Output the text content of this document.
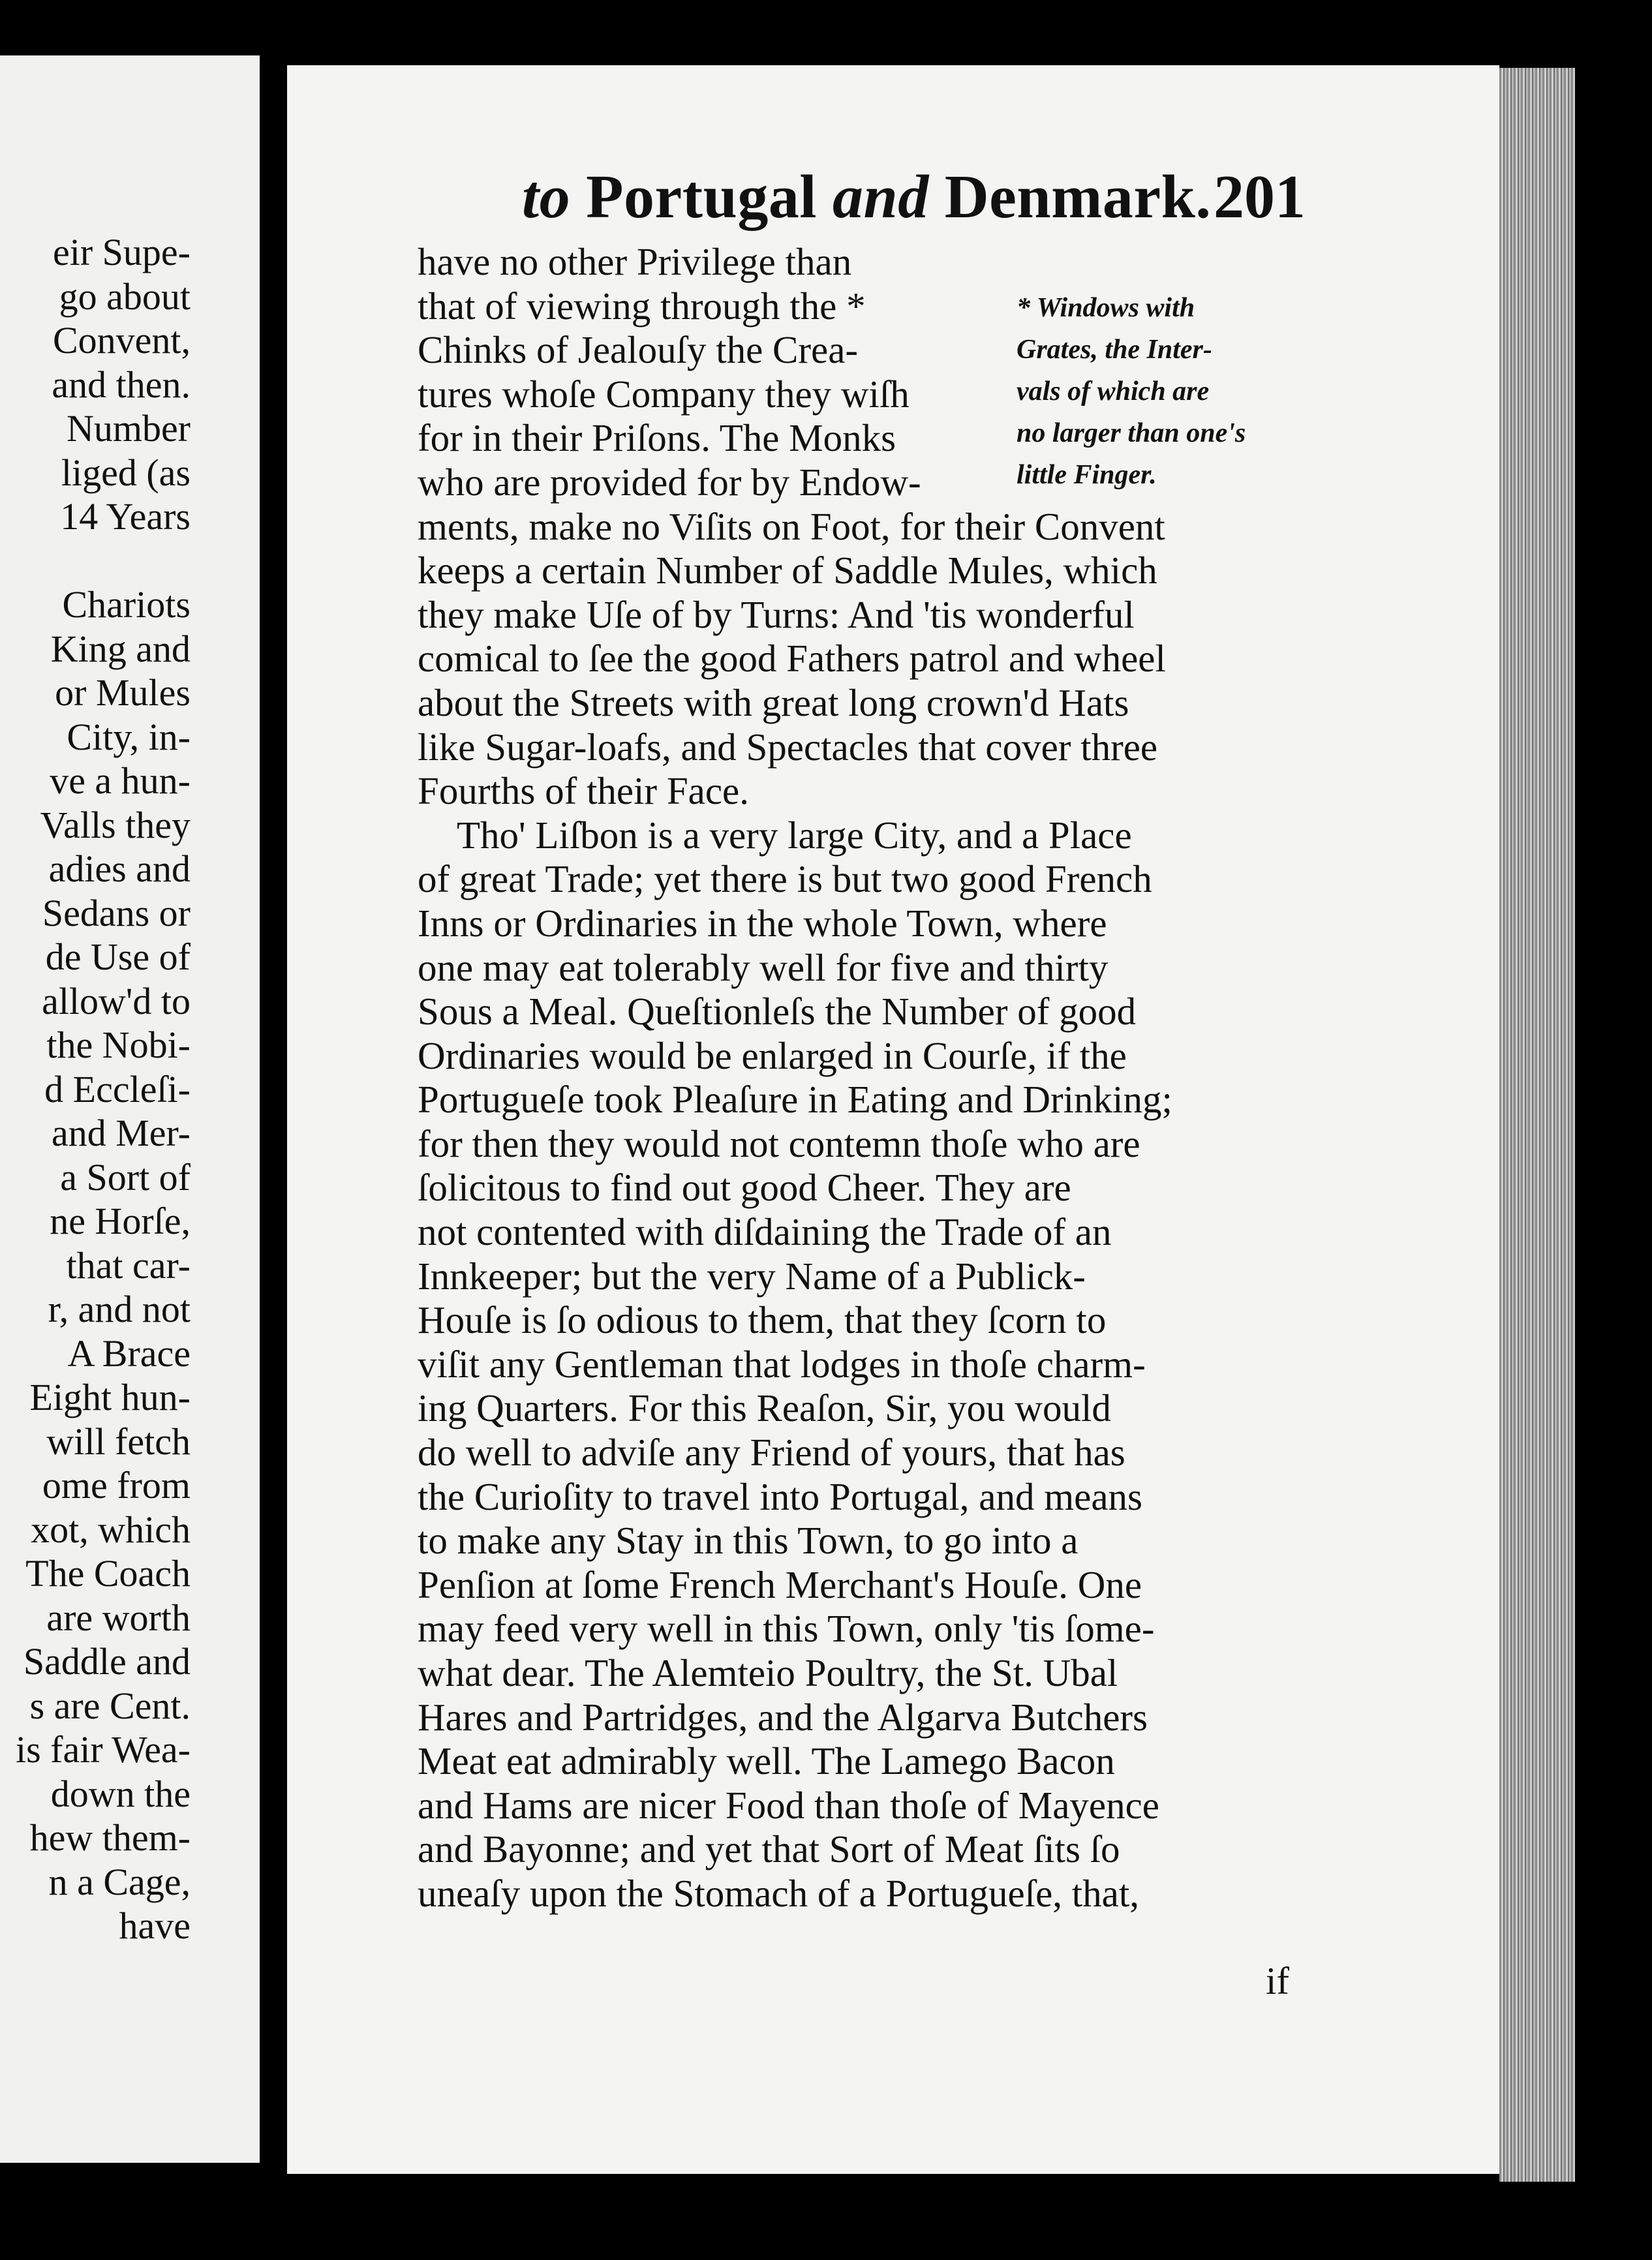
eir Supe-
go about
Convent,
and then.
Number
liged (as
14 Years
Chariots
King and
or Mules
City, in-
ve a hun-
Valls they
adies and
Sedans or
de Use of
allow'd to
the Nobi-
d Eccleſi-
and Mer-
a Sort of
ne Horſe,
that car-
r, and not
A Brace
Eight hun-
will fetch
ome from
xot, which
The Coach
are worth
Saddle and
s are Cent.
is fair Wea-
down the
hew them-
n a Cage,
have
to Portugal and Denmark. 201
have no other Privilege than
that of viewing through the *
Chinks of Jealouſy the Crea-
tures whoſe Company they wiſh
for in their Priſons. The Monks
who are provided for by Endow-
ments, make no Viſits on Foot, for their Convent
keeps a certain Number of Saddle Mules, which
they make Uſe of by Turns: And 'tis wonderful
comical to ſee the good Fathers patrol and wheel
about the Streets with great long crown'd Hats
like Sugar-loafs, and Spectacles that cover three
Fourths of their Face.
Tho' Liſbon is a very large City, and a Place
of great Trade; yet there is but two good French
Inns or Ordinaries in the whole Town, where
one may eat tolerably well for five and thirty
Sous a Meal. Queſtionleſs the Number of good
Ordinaries would be enlarged in Courſe, if the
Portugueſe took Pleaſure in Eating and Drinking;
for then they would not contemn thoſe who are
ſolicitous to find out good Cheer. They are
not contented with diſdaining the Trade of an
Innkeeper; but the very Name of a Publick-
Houſe is ſo odious to them, that they ſcorn to
viſit any Gentleman that lodges in thoſe charm-
ing Quarters. For this Reaſon, Sir, you would
do well to adviſe any Friend of yours, that has
the Curioſity to travel into Portugal, and means
to make any Stay in this Town, to go into a
Penſion at ſome French Merchant's Houſe. One
may feed very well in this Town, only 'tis ſome-
what dear. The Alemteio Poultry, the St. Ubal
Hares and Partridges, and the Algarva Butchers
Meat eat admirably well. The Lamego Bacon
and Hams are nicer Food than thoſe of Mayence
and Bayonne; and yet that Sort of Meat ſits ſo
uneaſy upon the Stomach of a Portugueſe, that,
* Windows with
Grates, the Inter-
vals of which are
no larger than one's
little Finger.
if
